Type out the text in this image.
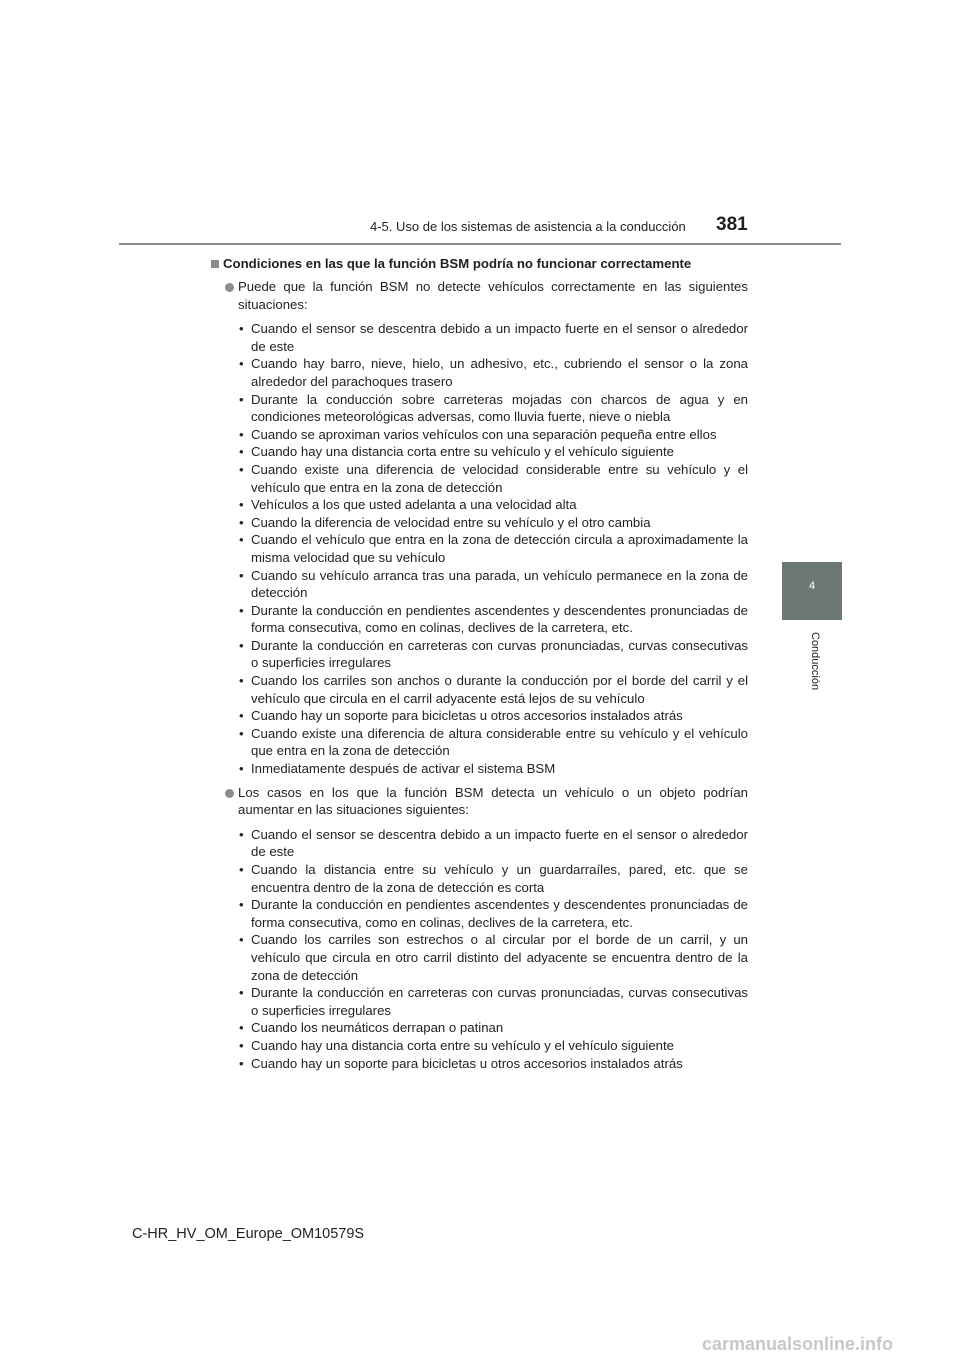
4-5. Uso de los sistemas de asistencia a la conducción 381
4
Conducción
Condiciones en las que la función BSM podría no funcionar correctamente
Puede que la función BSM no detecte vehículos correctamente en las siguientes situaciones:
• Cuando el sensor se descentra debido a un impacto fuerte en el sensor o alrededor de este
• Cuando hay barro, nieve, hielo, un adhesivo, etc., cubriendo el sensor o la zona alrededor del parachoques trasero
• Durante la conducción sobre carreteras mojadas con charcos de agua y en condiciones meteorológicas adversas, como lluvia fuerte, nieve o niebla
• Cuando se aproximan varios vehículos con una separación pequeña entre ellos
• Cuando hay una distancia corta entre su vehículo y el vehículo siguiente
• Cuando existe una diferencia de velocidad considerable entre su vehículo y el vehículo que entra en la zona de detección
• Vehículos a los que usted adelanta a una velocidad alta
• Cuando la diferencia de velocidad entre su vehículo y el otro cambia
• Cuando el vehículo que entra en la zona de detección circula a aproximadamente la misma velocidad que su vehículo
• Cuando su vehículo arranca tras una parada, un vehículo permanece en la zona de detección
• Durante la conducción en pendientes ascendentes y descendentes pronunciadas de forma consecutiva, como en colinas, declives de la carretera, etc.
• Durante la conducción en carreteras con curvas pronunciadas, curvas consecutivas o superficies irregulares
• Cuando los carriles son anchos o durante la conducción por el borde del carril y el vehículo que circula en el carril adyacente está lejos de su vehículo
• Cuando hay un soporte para bicicletas u otros accesorios instalados atrás
• Cuando existe una diferencia de altura considerable entre su vehículo y el vehículo que entra en la zona de detección
• Inmediatamente después de activar el sistema BSM
Los casos en los que la función BSM detecta un vehículo o un objeto podrían aumentar en las situaciones siguientes:
• Cuando el sensor se descentra debido a un impacto fuerte en el sensor o alrededor de este
• Cuando la distancia entre su vehículo y un guardarraíles, pared, etc. que se encuentra dentro de la zona de detección es corta
• Durante la conducción en pendientes ascendentes y descendentes pronunciadas de forma consecutiva, como en colinas, declives de la carretera, etc.
• Cuando los carriles son estrechos o al circular por el borde de un carril, y un vehículo que circula en otro carril distinto del adyacente se encuentra dentro de la zona de detección
• Durante la conducción en carreteras con curvas pronunciadas, curvas consecutivas o superficies irregulares
• Cuando los neumáticos derrapan o patinan
• Cuando hay una distancia corta entre su vehículo y el vehículo siguiente
• Cuando hay un soporte para bicicletas u otros accesorios instalados atrás
C-HR_HV_OM_Europe_OM10579S
carmanualsonline.info
